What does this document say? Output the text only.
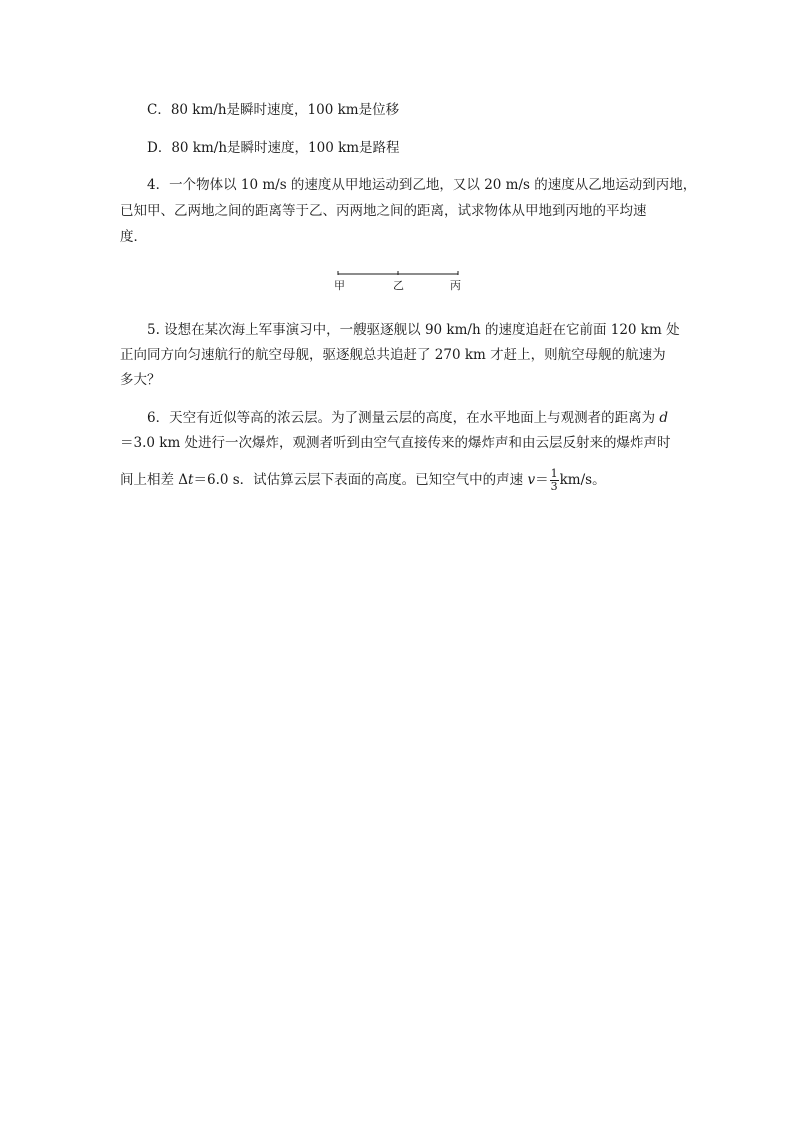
C．80 km/h是瞬时速度，100 km是位移
D．80 km/h是瞬时速度，100 km是路程
4．一个物体以 10 m/s 的速度从甲地运动到乙地，又以 20 m/s 的速度从乙地运动到丙地，
已知甲、乙两地之间的距离等于乙、丙两地之间的距离，试求物体从甲地到丙地的平均速
度．
甲	乙	丙
5. 设想在某次海上军事演习中，一艘驱逐舰以 90 km/h 的速度追赶在它前面 120 km 处
正向同方向匀速航行的航空母舰，驱逐舰总共追赶了 270 km 才赶上，则航空母舰的航速为
多大？
6．天空有近似等高的浓云层。为了测量云层的高度，在水平地面上与观测者的距离为 d
＝3.0 km 处进行一次爆炸，观测者听到由空气直接传来的爆炸声和由云层反射来的爆炸声时
间上相差 Δt＝6.0 s．试估算云层下表面的高度。已知空气中的声速 $v= \frac{1}{3} km/s$。
